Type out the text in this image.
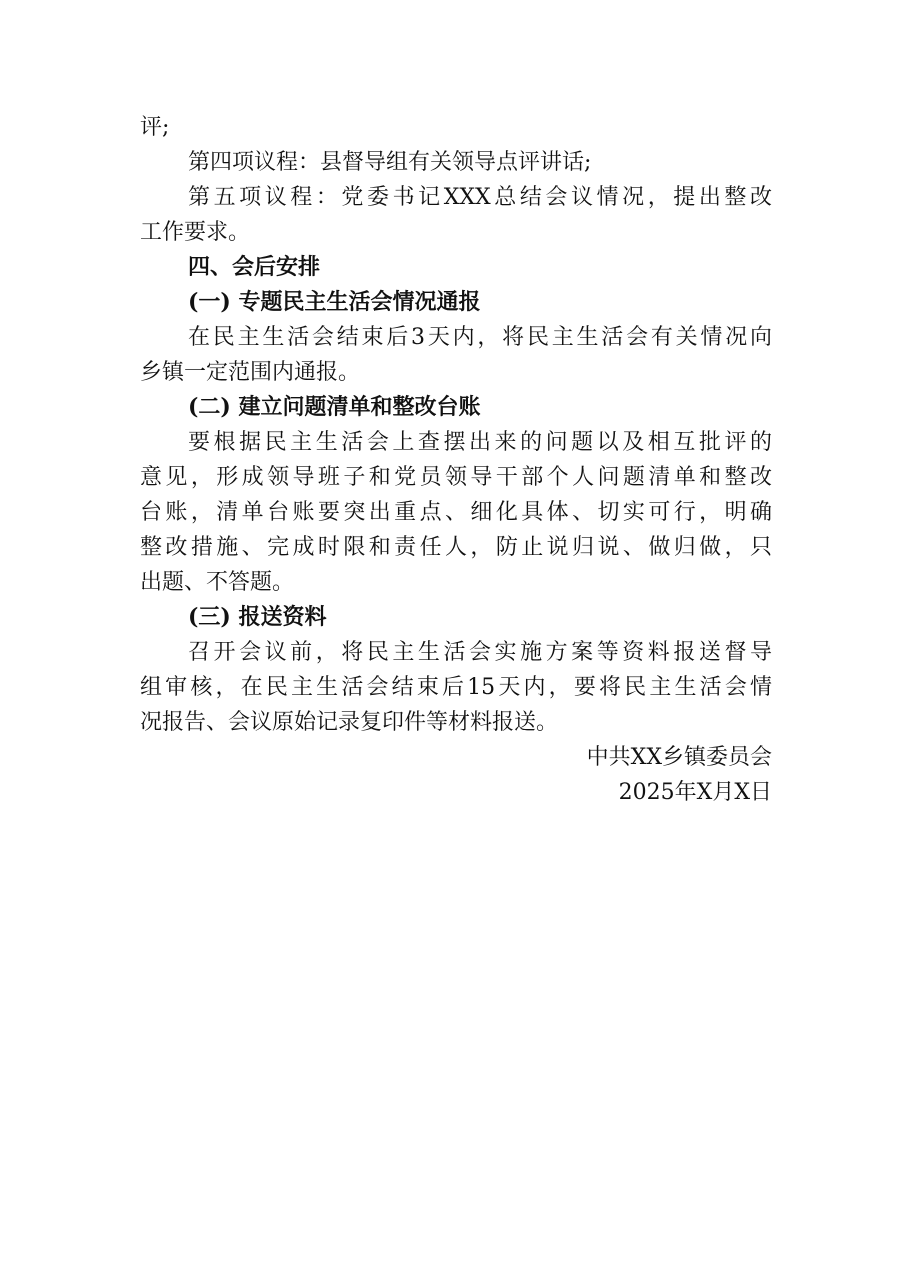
评;

第四项议程：县督导组有关领导点评讲话;

第五项议程：党委书记XXX总结会议情况，提出整改
工作要求。

四、会后安排

(一) 专题民主生活会情况通报

在民主生活会结束后3天内，将民主生活会有关情况向
乡镇一定范围内通报。

(二) 建立问题清单和整改台账

要根据民主生活会上查摆出来的问题以及相互批评的
意见，形成领导班子和党员领导干部个人问题清单和整改
台账，清单台账要突出重点、细化具体、切实可行，明确
整改措施、完成时限和责任人，防止说归说、做归做，只
出题、不答题。

(三) 报送资料

召开会议前，将民主生活会实施方案等资料报送督导
组审核，在民主生活会结束后15天内，要将民主生活会情
况报告、会议原始记录复印件等材料报送。

中共XX乡镇委员会

2025年X月X日
